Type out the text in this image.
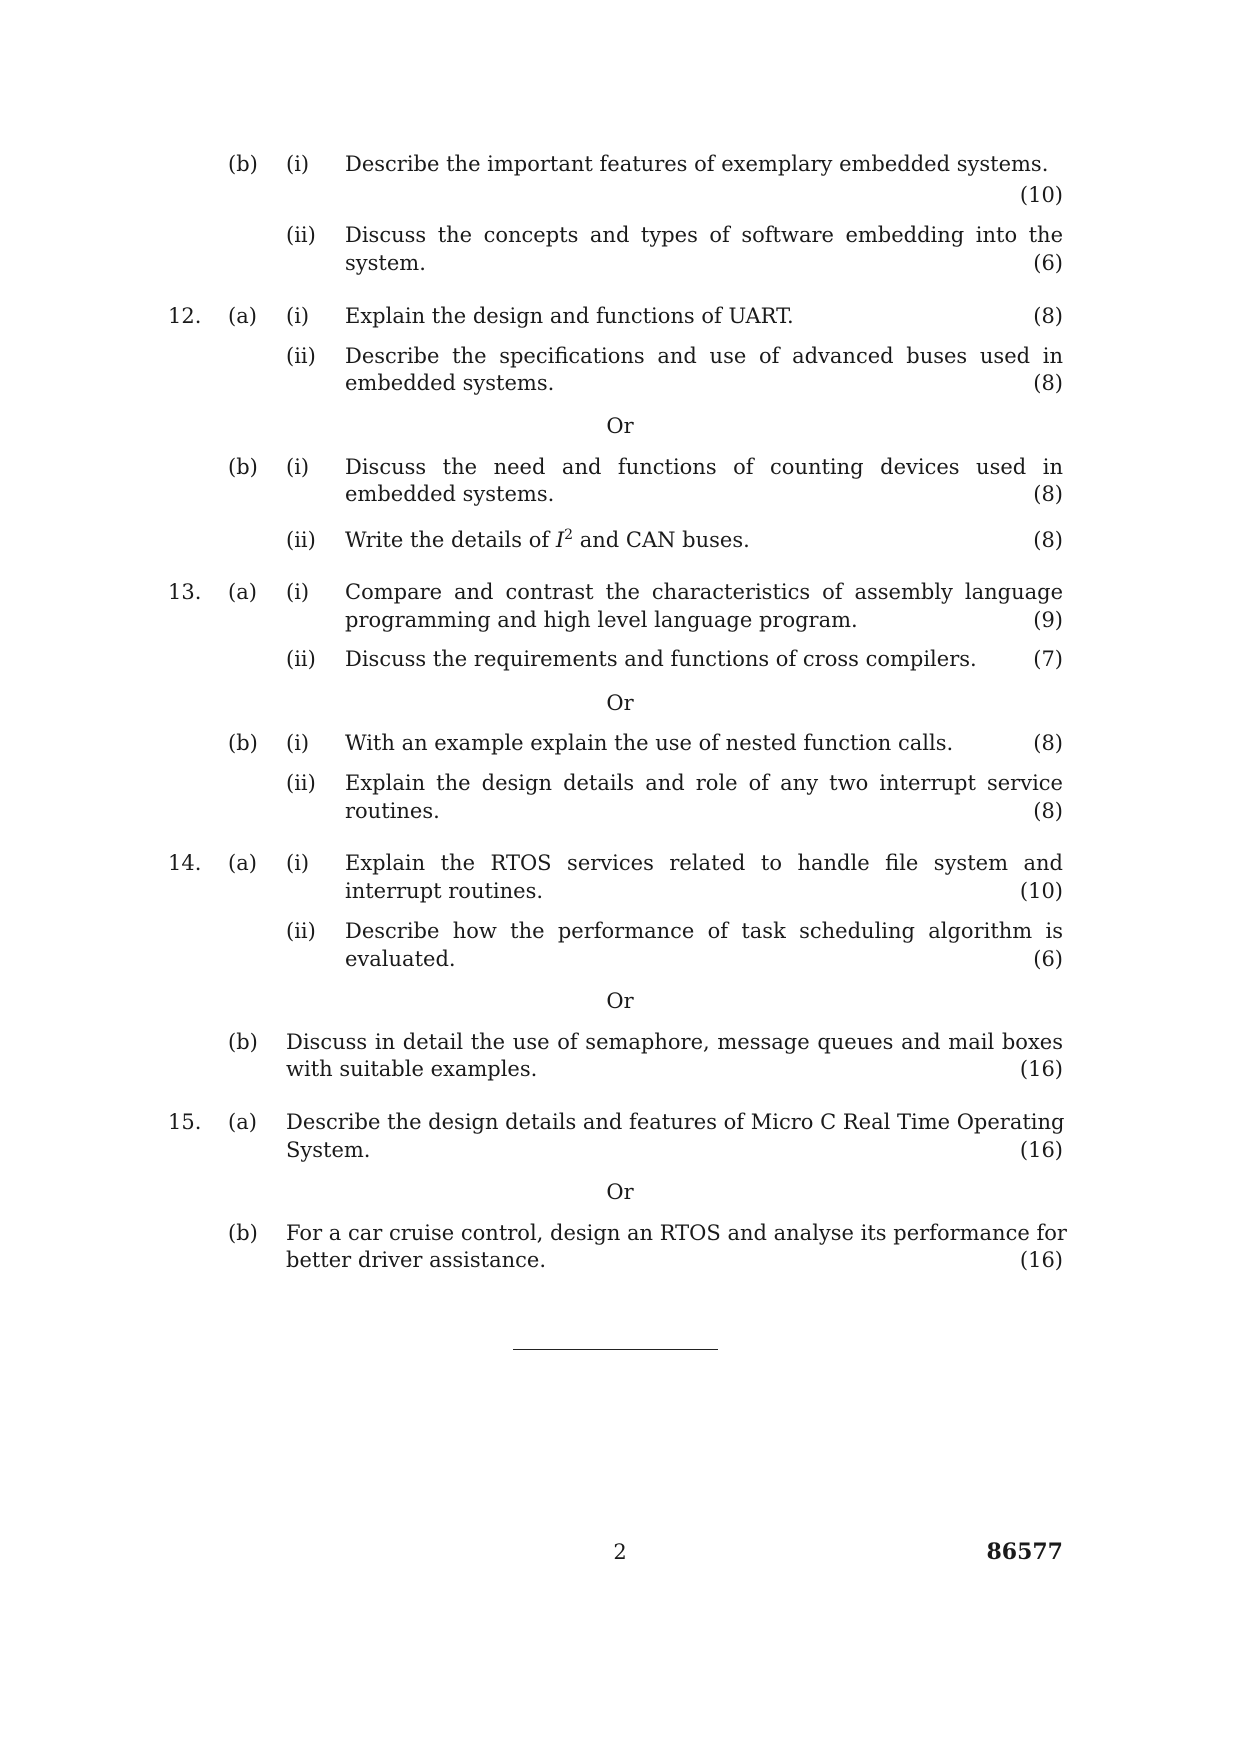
(b) (i) Describe the important features of exemplary embedded systems.
(10)
(ii) Discuss the concepts and types of software embedding into the
system.	(6)
12. (a) (i) Explain the design and functions of UART.	(8)
(ii) Describe the specifications and use of advanced buses used in
embedded systems.	(8)
Or
(b) (i) Discuss the need and functions of counting devices used in
embedded systems.	(8)
(ii) Write the details of $I^2$ and CAN buses.	(8)
13. (a) (i) Compare and contrast the characteristics of assembly language
programming and high level language program.	(9)
(ii) Discuss the requirements and functions of cross compilers.	(7)
Or
(b) (i) With an example explain the use of nested function calls.	(8)
(ii) Explain the design details and role of any two interrupt service
routines.	(8)
14. (a) (i) Explain the RTOS services related to handle file system and
interrupt routines.	(10)
(ii) Describe how the performance of task scheduling algorithm is
evaluated.	(6)
Or
(b) Discuss in detail the use of semaphore, message queues and mail boxes
with suitable examples.	(16)
15. (a) Describe the design details and features of Micro C Real Time Operating
System.	(16)
Or
(b) For a car cruise control, design an RTOS and analyse its performance for
better driver assistance.	(16)
2	86577
